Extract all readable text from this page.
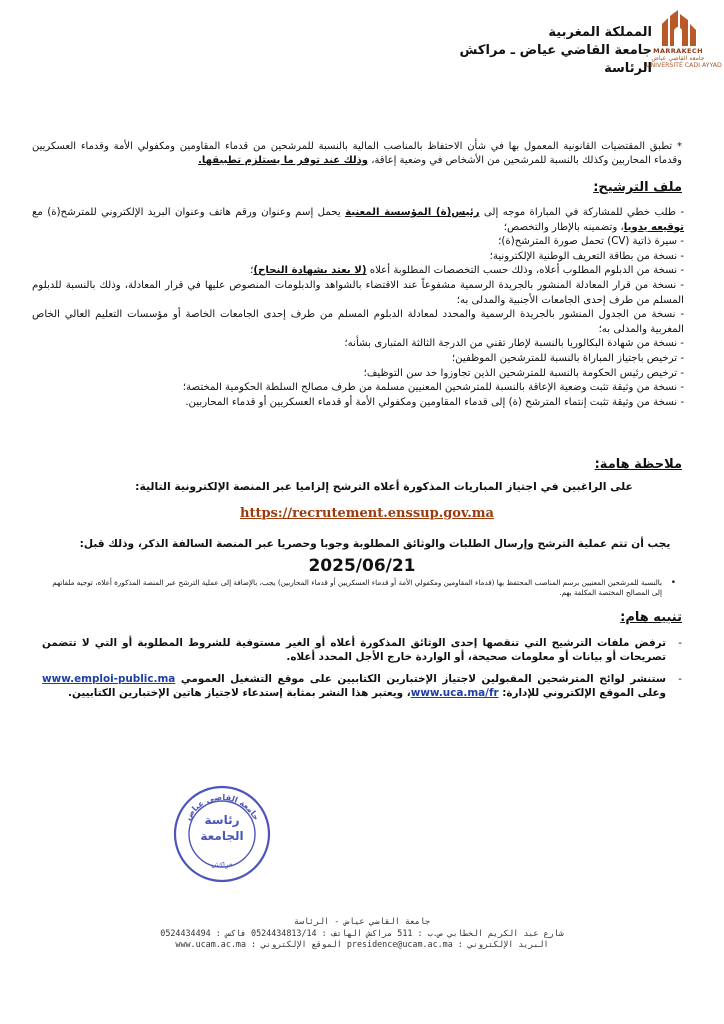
MARRAKECH
جامعة القاضي عياض
UNIVERSITÉ CADI AYYAD
المملكة المغربية
جامعة القاضي عياض ـ مراكش
الرئاسة
* تطبق المقتضيات القانونية المعمول بها في شأن الاحتفاظ بالمناصب المالية بالنسبة للمرشحين من قدماء المقاومين ومكفولي الأمة وقدماء العسكريين وقدماء المحاربين وكذلك بالنسبة للمرشحين من الأشخاص في وضعية إعاقة، وذلك عند توفر ما يستلزم تطبيقها.
ملف الترشيح:
- طلب خطي للمشاركة في المباراة موجه إلى رئيس(ة) المؤسسة المعنية يحمل إسم وعنوان ورقم هاتف وعنوان البريد الإلكتروني للمترشح(ة) مع توقيعه يدويا، وتضمينه بالإطار والتخصص؛
- سيرة ذاتية (CV) تحمل صورة المترشح(ة)؛
- نسخة من بطاقة التعريف الوطنية الإلكترونية؛
- نسخة من الدبلوم المطلوب أعلاه، وذلك حسب التخصصات المطلوبة أعلاه (لا يعتد بشهادة النجاح)؛
- نسخة من قرار المعادلة المنشور بالجريدة الرسمية مشفوعاً عند الاقتضاء بالشواهد والدبلومات المنصوص عليها في قرار المعادلة، وذلك بالنسبة للدبلوم المسلم من طرف إحدى الجامعات الأجنبية والمدلى به؛
- نسخة من الجدول المنشور بالجريدة الرسمية والمحدد لمعادلة الدبلوم المسلم من طرف إحدى الجامعات الخاصة أو مؤسسات التعليم العالي الخاص المغربية والمدلى به؛
- نسخة من شهادة البكالوريا بالنسبة لإطار تقني من الدرجة الثالثة المتبارى بشأنه؛
- ترخيص باجتياز المباراة بالنسبة للمترشحين الموظفين؛
- ترخيص رئيس الحكومة بالنسبة للمترشحين الذين تجاوزوا حد سن التوظيف؛
- نسخة من وثيقة تثبت وضعية الإعاقة بالنسبة للمترشحين المعنيين مسلمة من طرف مصالح السلطة الحكومية المختصة؛
- نسخة من وثيقة تثبت إنتماء المترشح (ة) إلى قدماء المقاومين ومكفولي الأمة أو قدماء العسكريين أو قدماء المحاربين.
ملاحظة هامة:
على الراغبين في اجتياز المباريات المذكورة أعلاه الترشح إلزاميا عبر المنصة الإلكترونية التالية:
https://recrutement.enssup.gov.ma
يجب أن تتم عملية الترشح وإرسال الطلبات والوثائق المطلوبة وجوبا وحصريا عبر المنصة السالفة الذكر، وذلك قبل:
2025/06/21
•
بالنسبة للمرشحين المعنيين برسم المناصب المحتفظ بها (قدماء المقاومين ومكفولي الأمة أو قدماء العسكريين أو قدماء المحاربين) يجب، بالإضافة إلى عملية الترشح عبر المنصة المذكورة أعلاه، توجيه ملفاتهم إلى المصالح المختصة المكلفة بهم.
تنبيه هام:
-
ترفض ملفات الترشيح التي تنقصها إحدى الوثائق المذكورة أعلاه أو الغير مستوفية للشروط المطلوبة أو التي لا تتضمن تصريحات أو بيانات أو معلومات صحيحة، أو الواردة خارج الأجل المحدد أعلاه.
-
ستنشر لوائح المترشحين المقبولين لاجتياز الإختبارين الكتابيين على موقع التشغيل العمومي www.emploi-public.ma وعلى الموقع الإلكتروني للإدارة: www.uca.ma/fr، ويعتبر هذا النشر بمثابة إستدعاء لاجتياز هاتين الإختبارين الكتابيين.
جامعة القاضي عياض
مراكش
رئاسة
الجامعة
جامعة القاضي عياض - الرئاسة
شارع عبد الكريم الخطابي ص.ب : 511 مراكش الهاتف : 0524434813/14 فاكس : 0524434494
البريد الإلكتروني : presidence@ucam.ac.ma الموقع الإلكتروني : www.ucam.ac.ma
